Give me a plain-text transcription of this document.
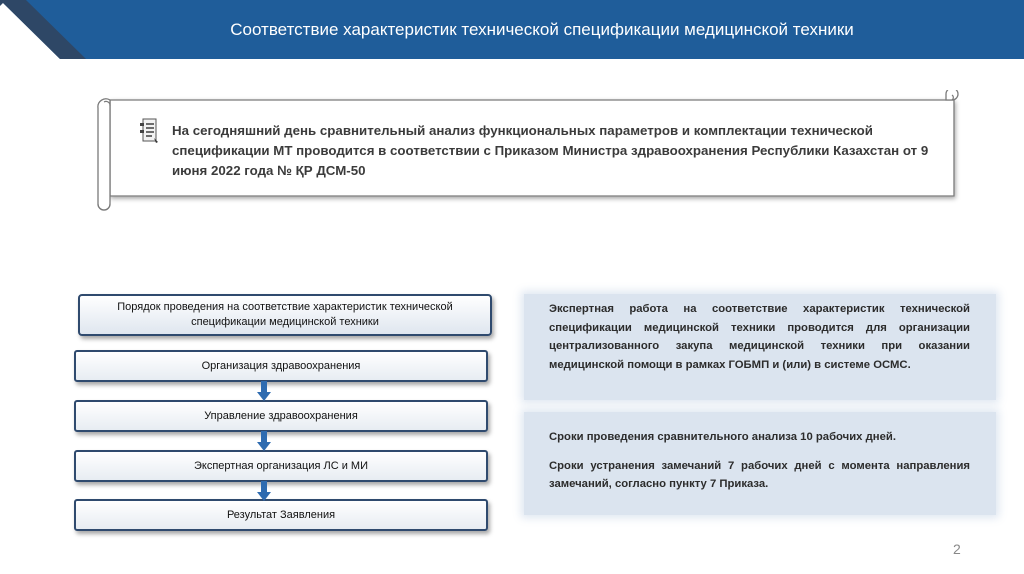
Соответствие характеристик технической спецификации медицинской техники
На сегодняшний день сравнительный анализ функциональных параметров и комплектации технической спецификации МТ проводится в соответствии с Приказом Министра здравоохранения Республики Казахстан от 9 июня 2022 года № ҚР ДСМ-50
Порядок проведения на соответствие характеристик технической спецификации медицинской техники
Организация здравоохранения
Управление здравоохранения
Экспертная организация ЛС и МИ
Результат Заявления

Экспертная работа на соответствие характеристик технической спецификации медицинской техники проводится для организации централизованного закупа медицинской техники при оказании медицинской помощи в рамках ГОБМП и (или) в системе ОСМС.

Сроки проведения сравнительного анализа 10 рабочих дней.

Сроки устранения замечаний 7 рабочих дней с момента направления замечаний, согласно пункту 7 Приказа.

2
